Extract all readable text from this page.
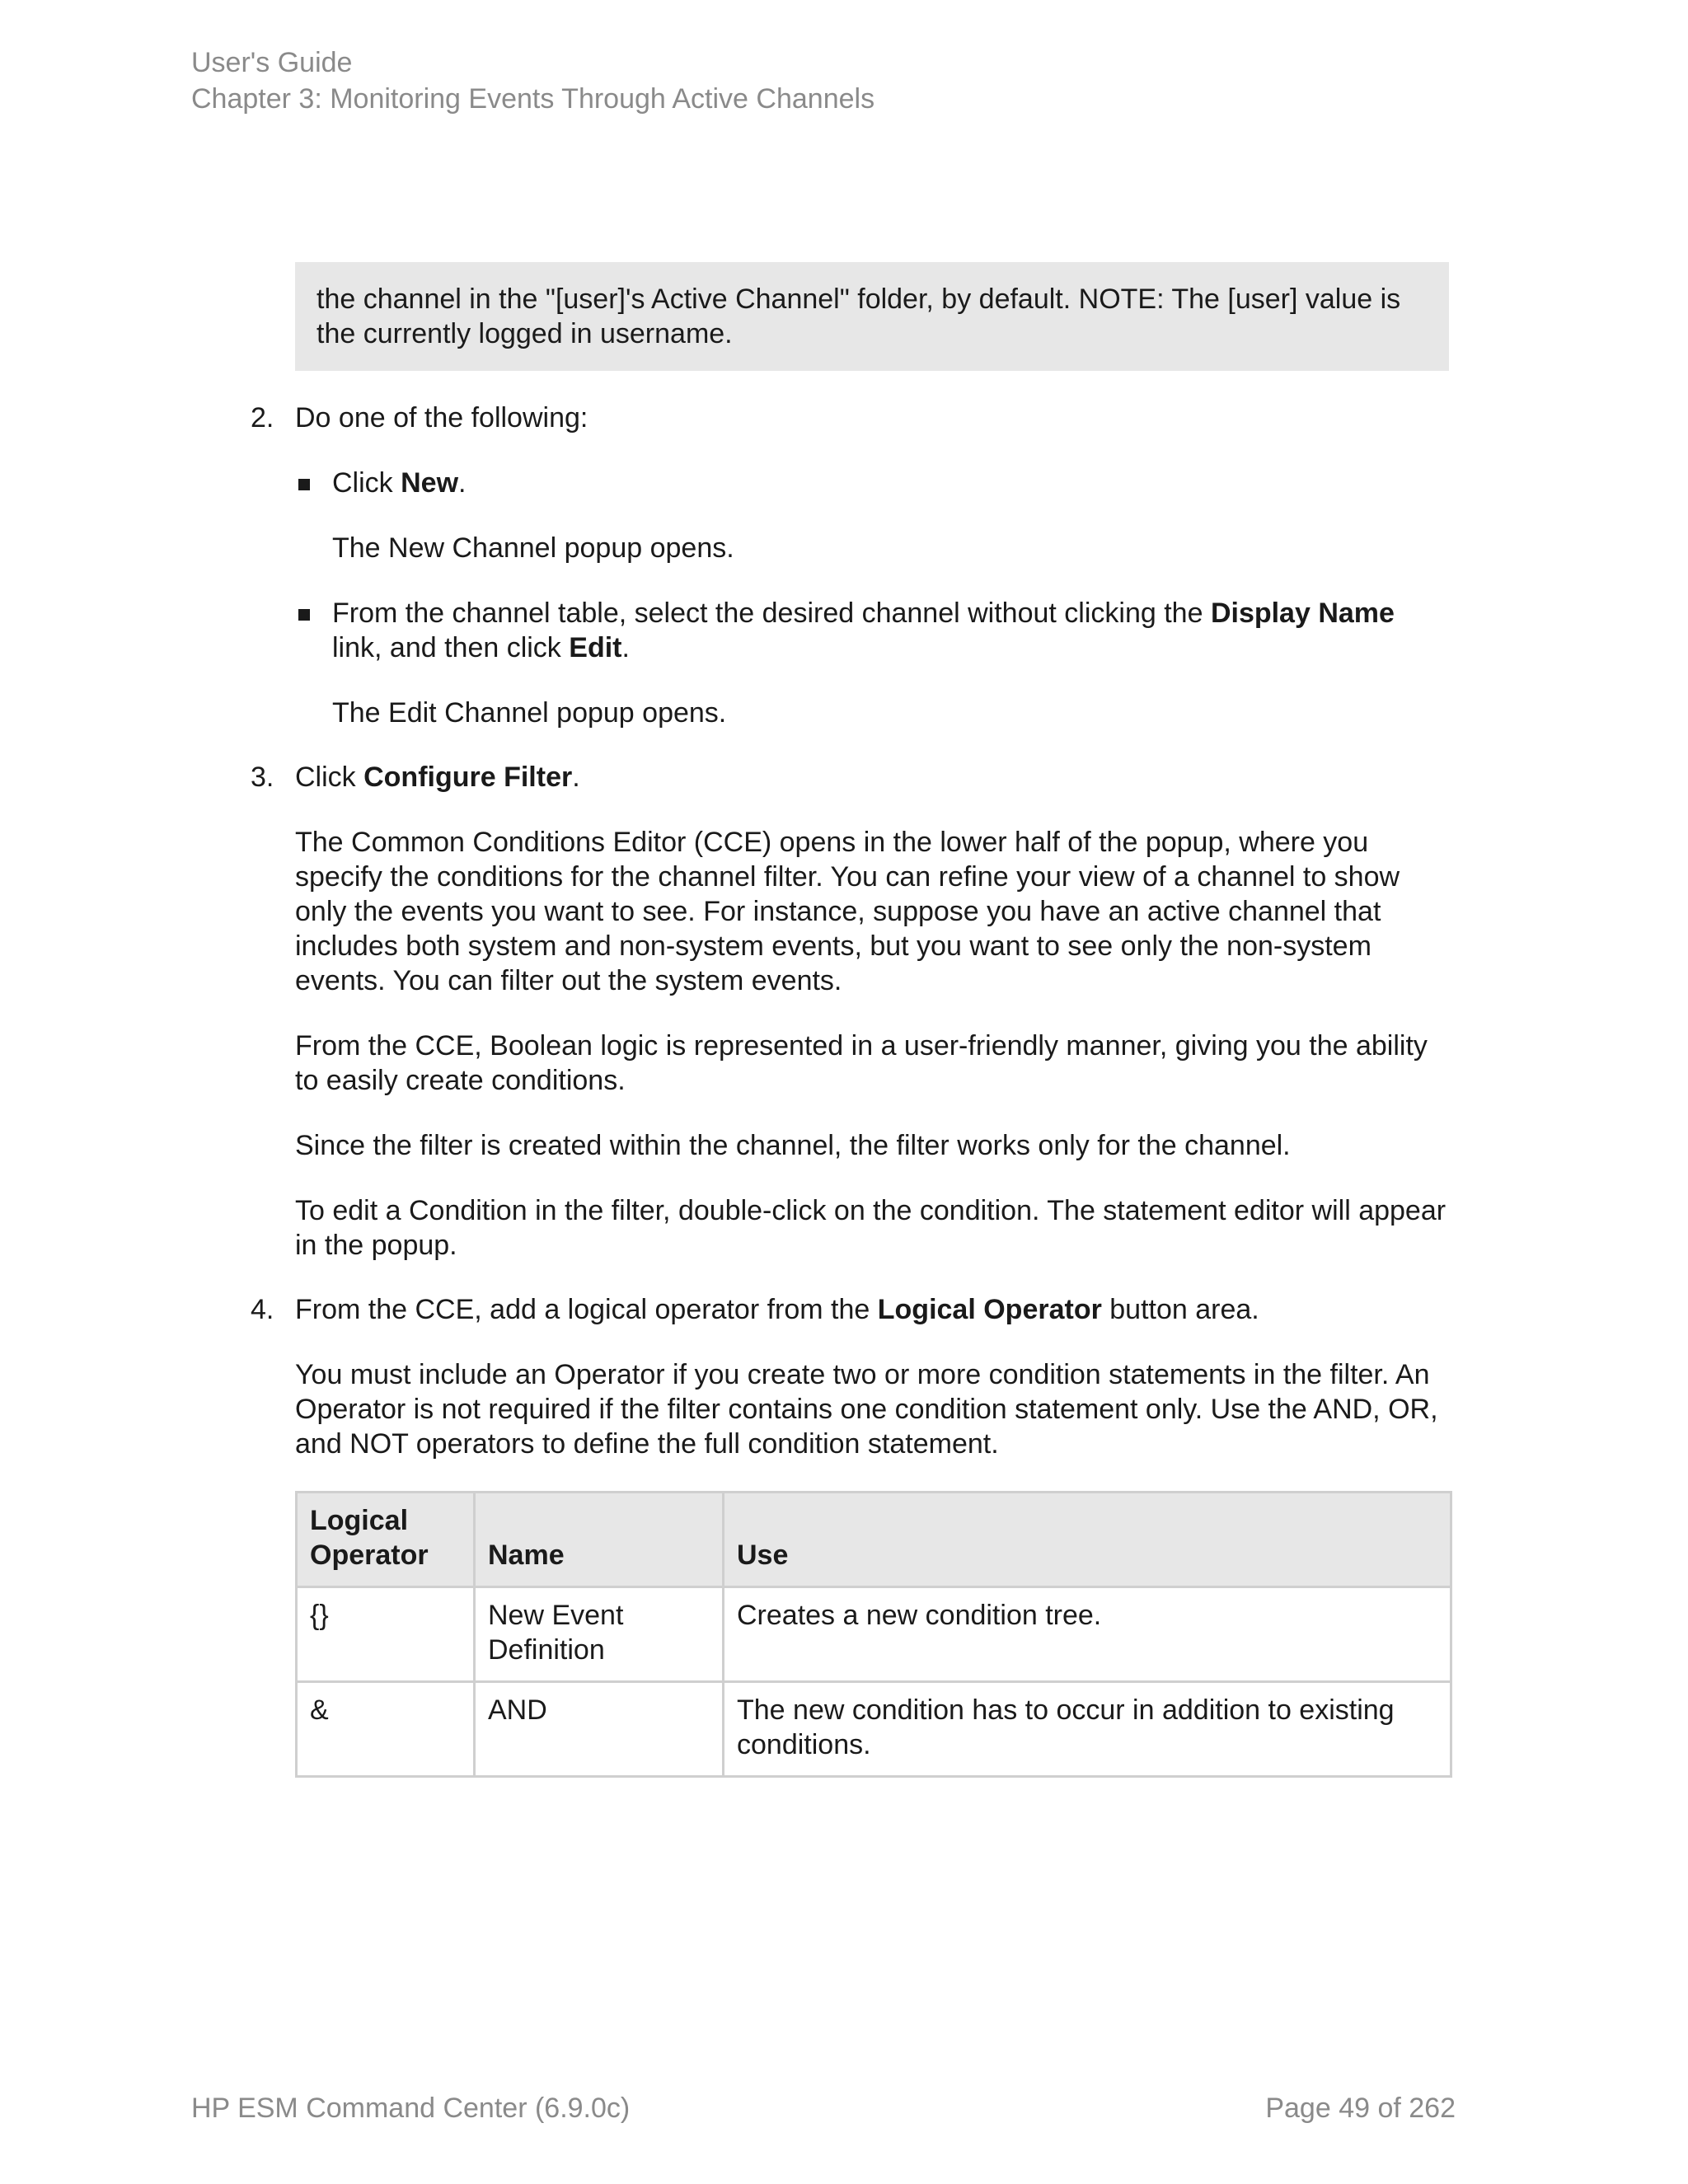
User's Guide
Chapter 3: Monitoring Events Through Active Channels

the channel in the "[user]'s Active Channel" folder, by default. NOTE: The [user] value is the currently logged in username.

2. Do one of the following:

Click New.

The New Channel popup opens.

From the channel table, select the desired channel without clicking the Display Name link, and then click Edit.

The Edit Channel popup opens.

3. Click Configure Filter.

The Common Conditions Editor (CCE) opens in the lower half of the popup, where you specify the conditions for the channel filter. You can refine your view of a channel to show only the events you want to see. For instance, suppose you have an active channel that includes both system and non-system events, but you want to see only the non-system events. You can filter out the system events.

From the CCE, Boolean logic is represented in a user-friendly manner, giving you the ability to easily create conditions.

Since the filter is created within the channel, the filter works only for the channel.

To edit a Condition in the filter, double-click on the condition. The statement editor will appear in the popup.

4. From the CCE, add a logical operator from the Logical Operator button area.

You must include an Operator if you create two or more condition statements in the filter. An Operator is not required if the filter contains one condition statement only. Use the AND, OR, and NOT operators to define the full condition statement.

Logical Operator	Name	Use
{}	New Event Definition	Creates a new condition tree.
&	AND	The new condition has to occur in addition to existing conditions.
HP ESM Command Center (6.9.0c)	Page 49 of 262
